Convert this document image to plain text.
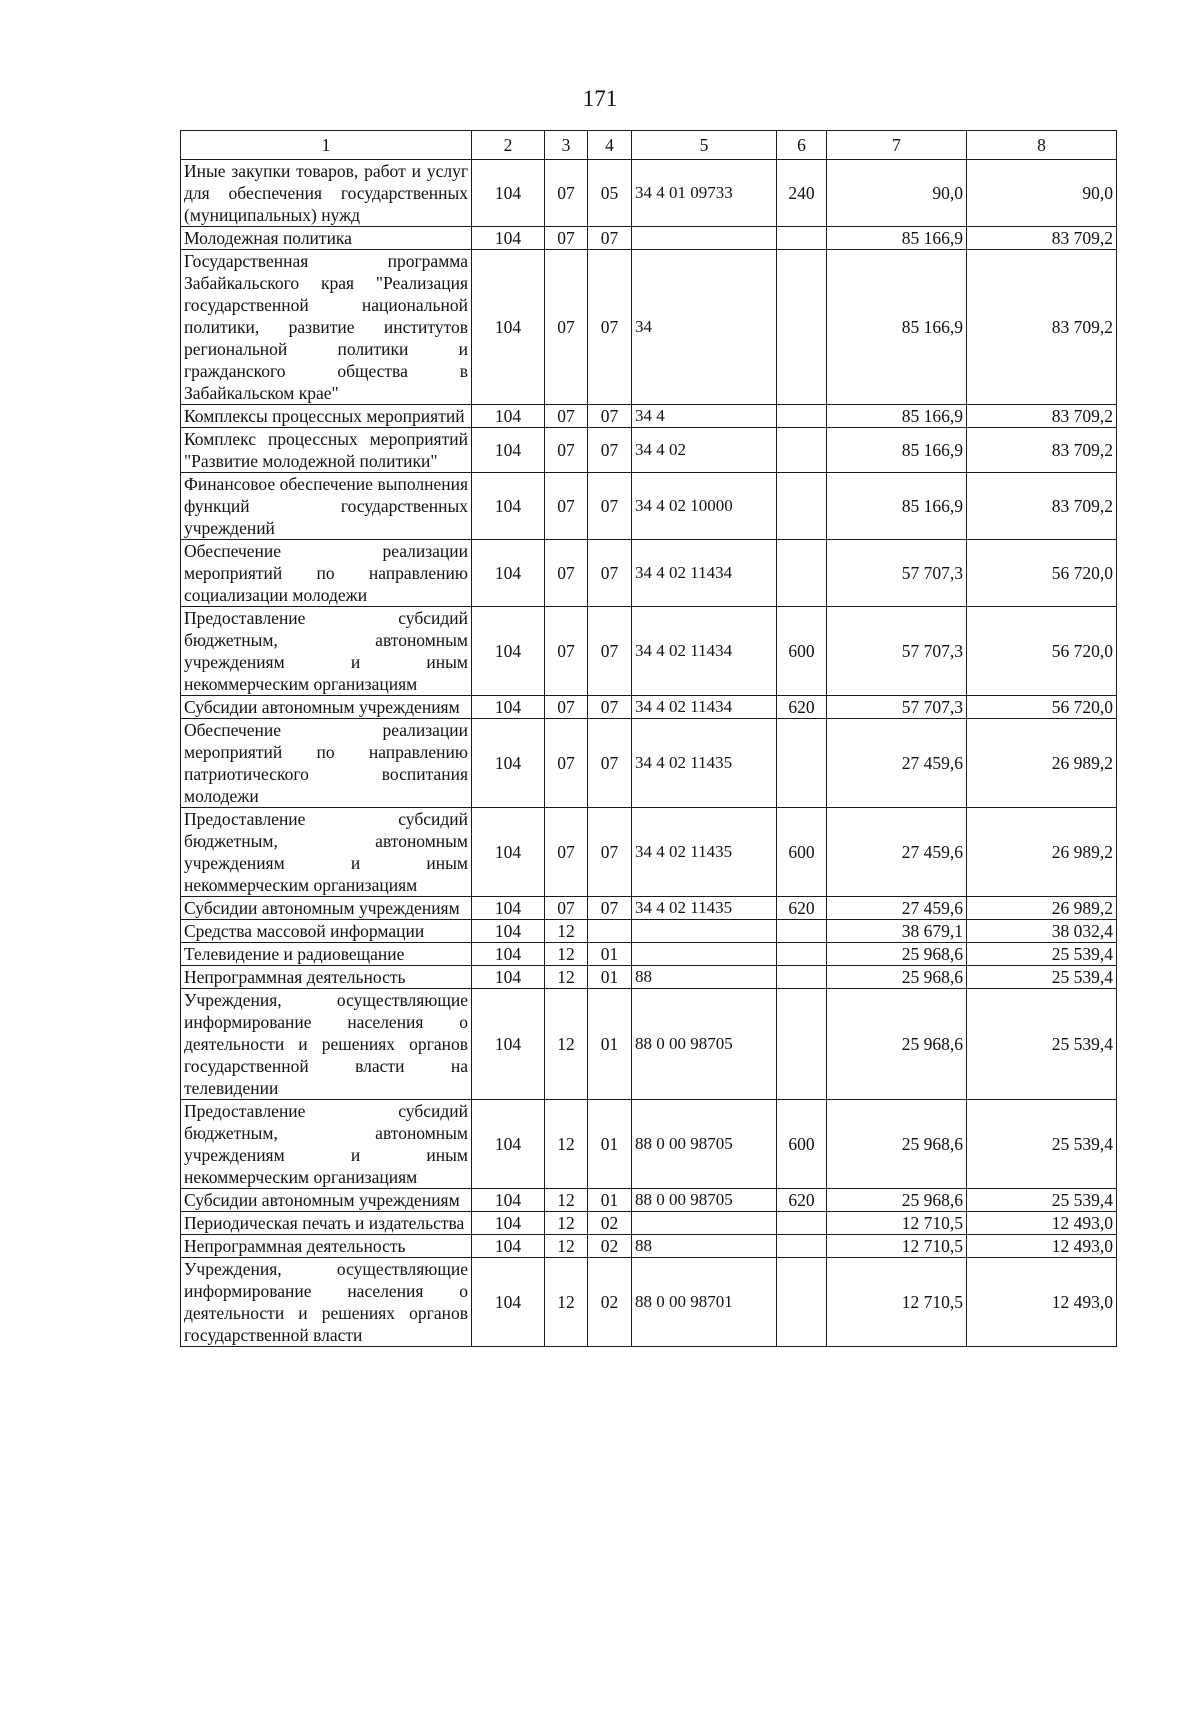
171
1	2	3	4	5	6	7	8
Иные закупки товаров, работ и услуг для обеспечения государственных (муниципальных) нужд	104	07	05	34 4 01 09733	240	90,0	90,0
Молодежная политика	104	07	07			85 166,9	83 709,2
Государственная программа Забайкальского края "Реализация государственной национальной политики, развитие институтов региональной политики и гражданского общества в Забайкальском крае"	104	07	07	34		85 166,9	83 709,2
Комплексы процессных мероприятий	104	07	07	34 4		85 166,9	83 709,2
Комплекс процессных мероприятий "Развитие молодежной политики"	104	07	07	34 4 02		85 166,9	83 709,2
Финансовое обеспечение выполнения функций государственных учреждений	104	07	07	34 4 02 10000		85 166,9	83 709,2
Обеспечение реализации мероприятий по направлению социализации молодежи	104	07	07	34 4 02 11434		57 707,3	56 720,0
Предоставление субсидий бюджетным, автономным учреждениям и иным некоммерческим организациям	104	07	07	34 4 02 11434	600	57 707,3	56 720,0
Субсидии автономным учреждениям	104	07	07	34 4 02 11434	620	57 707,3	56 720,0
Обеспечение реализации мероприятий по направлению патриотического воспитания молодежи	104	07	07	34 4 02 11435		27 459,6	26 989,2
Предоставление субсидий бюджетным, автономным учреждениям и иным некоммерческим организациям	104	07	07	34 4 02 11435	600	27 459,6	26 989,2
Субсидии автономным учреждениям	104	07	07	34 4 02 11435	620	27 459,6	26 989,2
Средства массовой информации	104	12				38 679,1	38 032,4
Телевидение и радиовещание	104	12	01			25 968,6	25 539,4
Непрограммная деятельность	104	12	01	88		25 968,6	25 539,4
Учреждения, осуществляющие информирование населения о деятельности и решениях органов государственной власти на телевидении	104	12	01	88 0 00 98705		25 968,6	25 539,4
Предоставление субсидий бюджетным, автономным учреждениям и иным некоммерческим организациям	104	12	01	88 0 00 98705	600	25 968,6	25 539,4
Субсидии автономным учреждениям	104	12	01	88 0 00 98705	620	25 968,6	25 539,4
Периодическая печать и издательства	104	12	02			12 710,5	12 493,0
Непрограммная деятельность	104	12	02	88		12 710,5	12 493,0
Учреждения, осуществляющие информирование населения о деятельности и решениях органов государственной власти	104	12	02	88 0 00 98701		12 710,5	12 493,0
